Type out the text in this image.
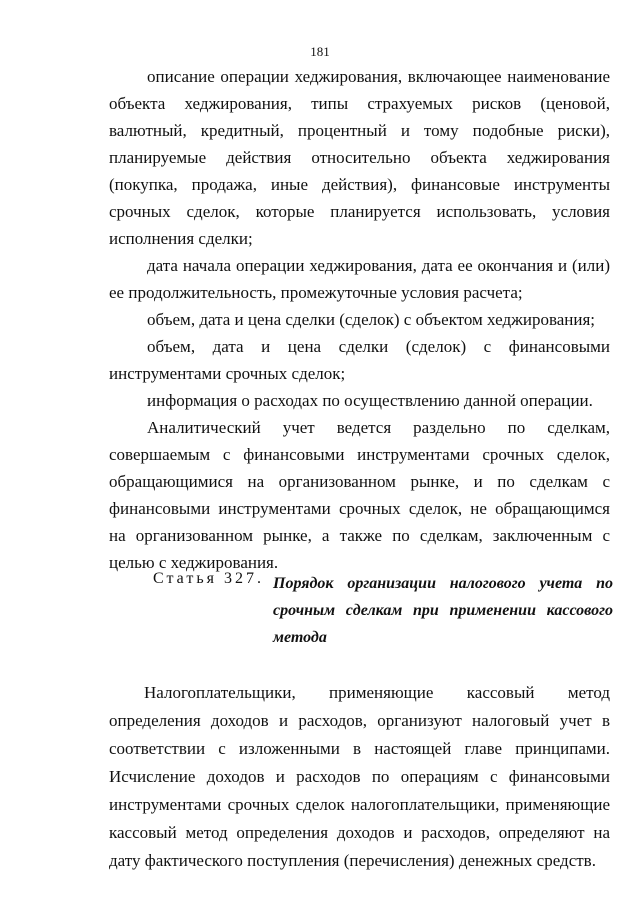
181

описание операции хеджирования, включающее наименование объекта хеджирования, типы страхуемых рисков (ценовой, валютный, кредитный, процентный и тому подобные риски), планируемые действия относительно объекта хеджирования (покупка, продажа, иные действия), финансовые инструменты срочных сделок, которые планируется использовать, условия исполнения сделки;

дата начала операции хеджирования, дата ее окончания и (или) ее продолжительность, промежуточные условия расчета;

объем, дата и цена сделки (сделок) с объектом хеджирования;

объем, дата и цена сделки (сделок) с финансовыми инструментами срочных сделок;

информация о расходах по осуществлению данной операции.

Аналитический учет ведется раздельно по сделкам, совершаемым с финансовыми инструментами срочных сделок, обращающимися на организованном рынке, и по сделкам с финансовыми инструментами срочных сделок, не обращающимся на организованном рынке, а также по сделкам, заключенным с целью с хеджирования.

Статья 327. Порядок организации налогового учета по срочным сделкам при применении кассового метода

Налогоплательщики, применяющие кассовый метод определения доходов и расходов, организуют налоговый учет в соответствии с изложенными в настоящей главе принципами. Исчисление доходов и расходов по операциям с финансовыми инструментами срочных сделок налогоплательщики, применяющие кассовый метод определения доходов и расходов, определяют на дату фактического поступления (перечисления) денежных средств.
